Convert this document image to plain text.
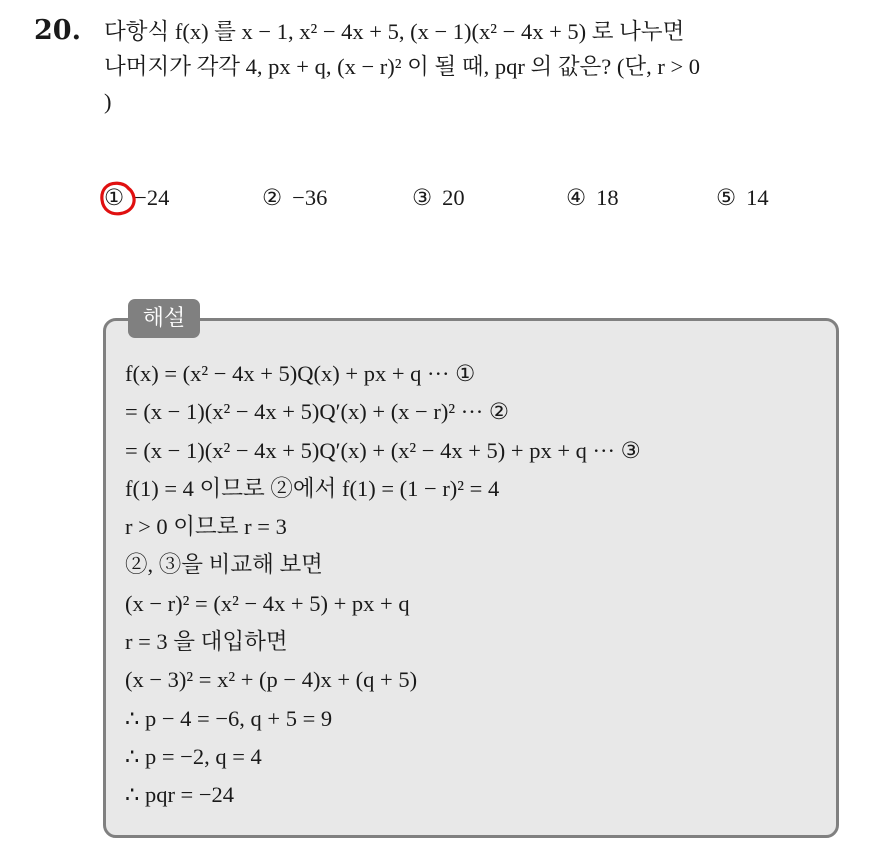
20. 다항식 f(x) 를 x − 1, x² − 4x + 5, (x − 1)(x² − 4x + 5) 로 나누면
나머지가 각각 4, px + q, (x − r)² 이 될 때, pqr 의 값은? (단, r > 0
)
① −24	② −36	③ 20	④ 18	⑤ 14
해설
f(x) = (x² − 4x + 5)Q(x) + px + q ··· ①
= (x − 1)(x² − 4x + 5)Q′(x) + (x − r)² ··· ②
= (x − 1)(x² − 4x + 5)Q′(x) + (x² − 4x + 5) + px + q ··· ③
f(1) = 4 이므로 ②에서 f(1) = (1 − r)² = 4
r > 0 이므로 r = 3
②, ③을 비교해 보면
(x − r)² = (x² − 4x + 5) + px + q
r = 3 을 대입하면
(x − 3)² = x² + (p − 4)x + (q + 5)
∴ p − 4 = −6, q + 5 = 9
∴ p = −2, q = 4
∴ pqr = −24
